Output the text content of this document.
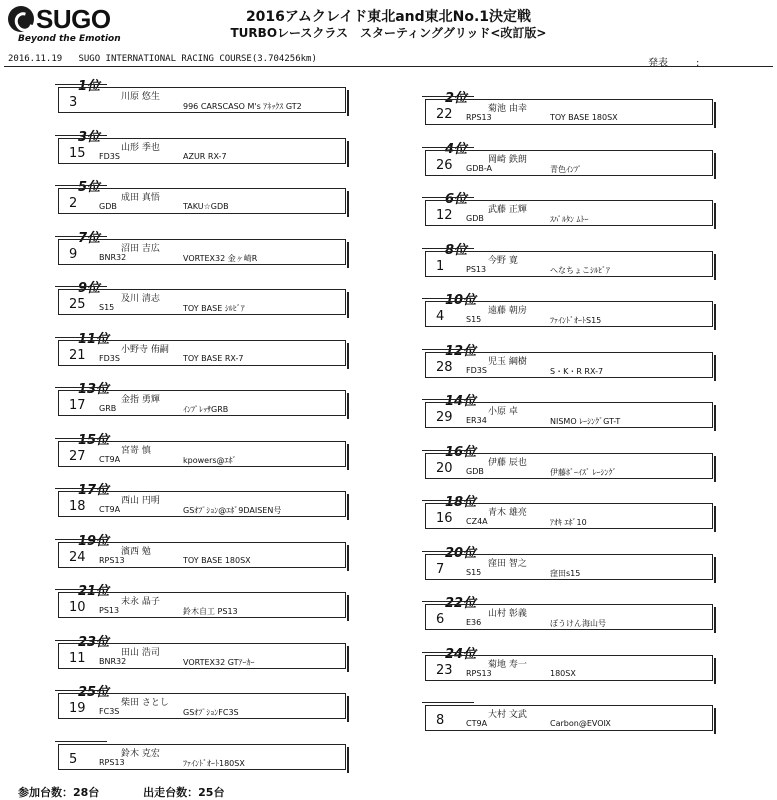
SUGO
Beyond the Emotion
2016アムクレイド東北and東北No.1決定戦
TURBOレースクラス　スターティンググリッド<改訂版>
2016.11.19 SUGO INTERNATIONAL RACING COURSE(3.704256km)	発表	:
1位
3	川原 悠生
996 CARSCASO M's ｱﾈｯｸｽ GT2
3位
15	山形 季也
FD3S	AZUR RX-7
5位
2	成田 真悟
GDB	TAKU☆GDB
7位
9	沼田 吉広
BNR32	VORTEX32 金ヶ崎R
9位
25	及川 清志
S15	TOY BASE ｼﾙﾋﾞｱ
11位
21	小野寺 侑嗣
FD3S	TOY BASE RX-7
13位
17	金指 勇輝
GRB	ｲﾝﾌﾟﾚｯｻGRB
15位
27	宮嵜 慎
CT9A	kpowers@ｴﾎﾞ
17位
18	西山 円明
CT9A	GSｵﾌﾟｼｮﾝ@ｴﾎﾞ9DAISEN号
19位
24	濱西 勉
RPS13	TOY BASE 180SX
21位
10	末永 晶子
PS13	鈴木自工 PS13
23位
11	田山 浩司
BNR32	VORTEX32 GTｱｰｶｰ
25位
19	柴田 さとし
FC3S	GSｵﾌﾟｼｮﾝFC3S
5	鈴木 克宏
RPS13	ﾌｧｲﾝﾄﾞｵｰﾄ180SX
2位
22	菊池 由幸
RPS13	TOY BASE 180SX
4位
26	岡崎 鉄朗
GDB-A	青色ｲﾝﾌﾟ
6位
12	武藤 正輝
GDB	ｽﾊﾟﾙﾀﾝ ﾑﾄｰ
8位
1	今野 寛
PS13	へなちょこｼﾙﾋﾞｱ
10位
4	遠藤 朝房
S15	ﾌｧｲﾝﾄﾞｵｰﾄS15
12位
28	児玉 綱樹
FD3S	S・K・R RX-7
14位
29	小原 卓
ER34	NISMO ﾚｰｼﾝｸﾞGT-T
16位
20	伊藤 辰也
GDB	伊藤ﾎﾞｰｲｽﾞ ﾚｰｼﾝｸﾞ
18位
16	青木 雄亮
CZ4A	ｱｵｷ ｴﾎﾞ10
20位
7	窪田 智之
S15	窪田s15
22位
6	山村 彰義
E36	ぼうけん海山号
24位
23	菊地 寿一
RPS13	180SX
8	大村 文武
CT9A	Carbon@EVOⅨ
参加台数：28台	出走台数：25台
